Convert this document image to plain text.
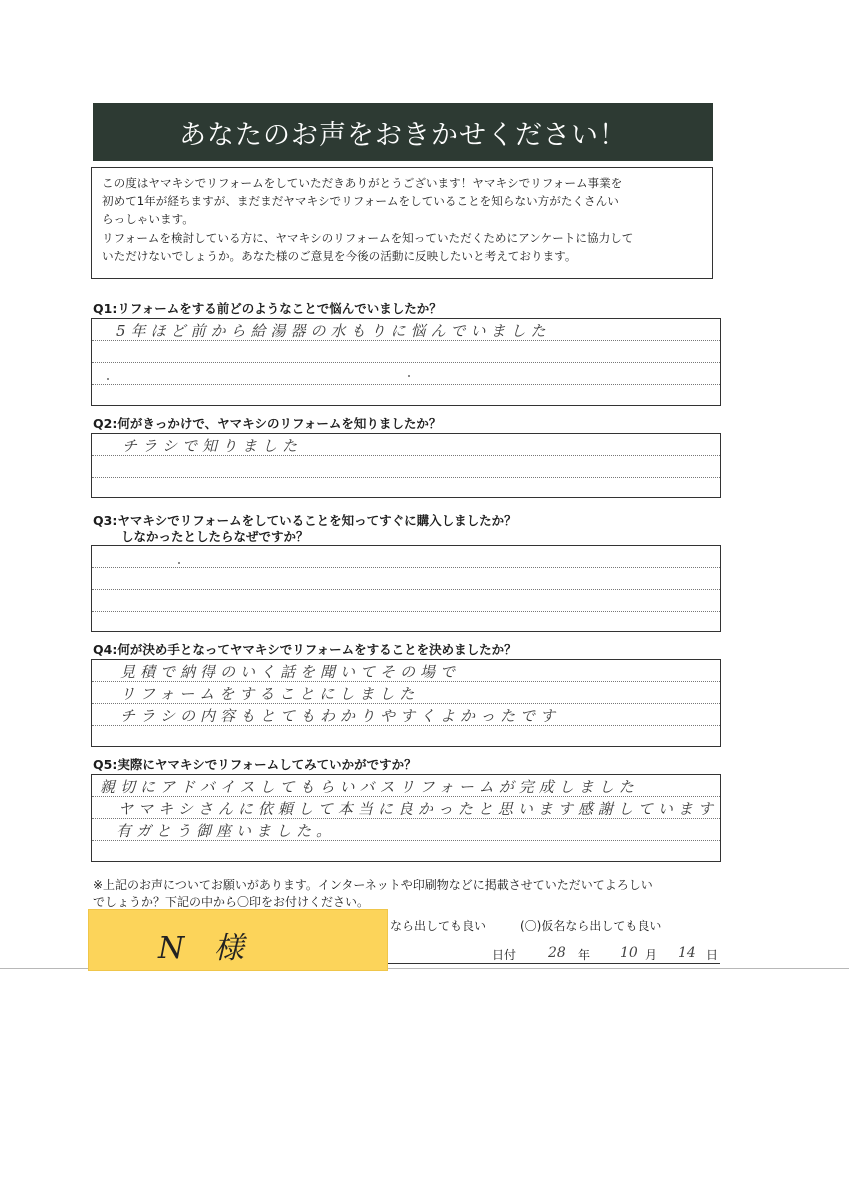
あなたのお声をおきかせください！

この度はヤマキシでリフォームをしていただきありがとうございます！ヤマキシでリフォーム事業を

初めて1年が経ちますが、まだまだヤマキシでリフォームをしていることを知らない方がたくさんい

らっしゃいます。

リフォームを検討している方に、ヤマキシのリフォームを知っていただくためにアンケートに協力して

いただけないでしょうか。あなた様のご意見を今後の活動に反映したいと考えております。

Q1:リフォームをする前どのようなことで悩んでいましたか？
5年ほど前から給湯器の水もりに悩んでいました
Q2:何がきっかけで、ヤマキシのリフォームを知りましたか？
チラシで知りました
Q3:ヤマキシでリフォームをしていることを知ってすぐに購入しましたか？
しなかったとしたらなぜですか？
Q4:何が決め手となってヤマキシでリフォームをすることを決めましたか？
見積で納得のいく話を聞いてその場で
リフォームをすることにしました
チラシの内容もとてもわかりやすくよかったです
Q5:実際にヤマキシでリフォームしてみていかがですか？
親切にアドバイスしてもらいバスリフォームが完成しました
ヤマキシさんに依頼して本当に良かったと思います感謝しています
有ガとう御座いました。
※上記のお声についてお願いがあります。インターネットや印刷物などに掲載させていただいてよろしい
でしょうか？下記の中から〇印をお付けください。
なら出しても良い	(〇)仮名なら出しても良い
日付 28 年 10 月 14 日
N 様
